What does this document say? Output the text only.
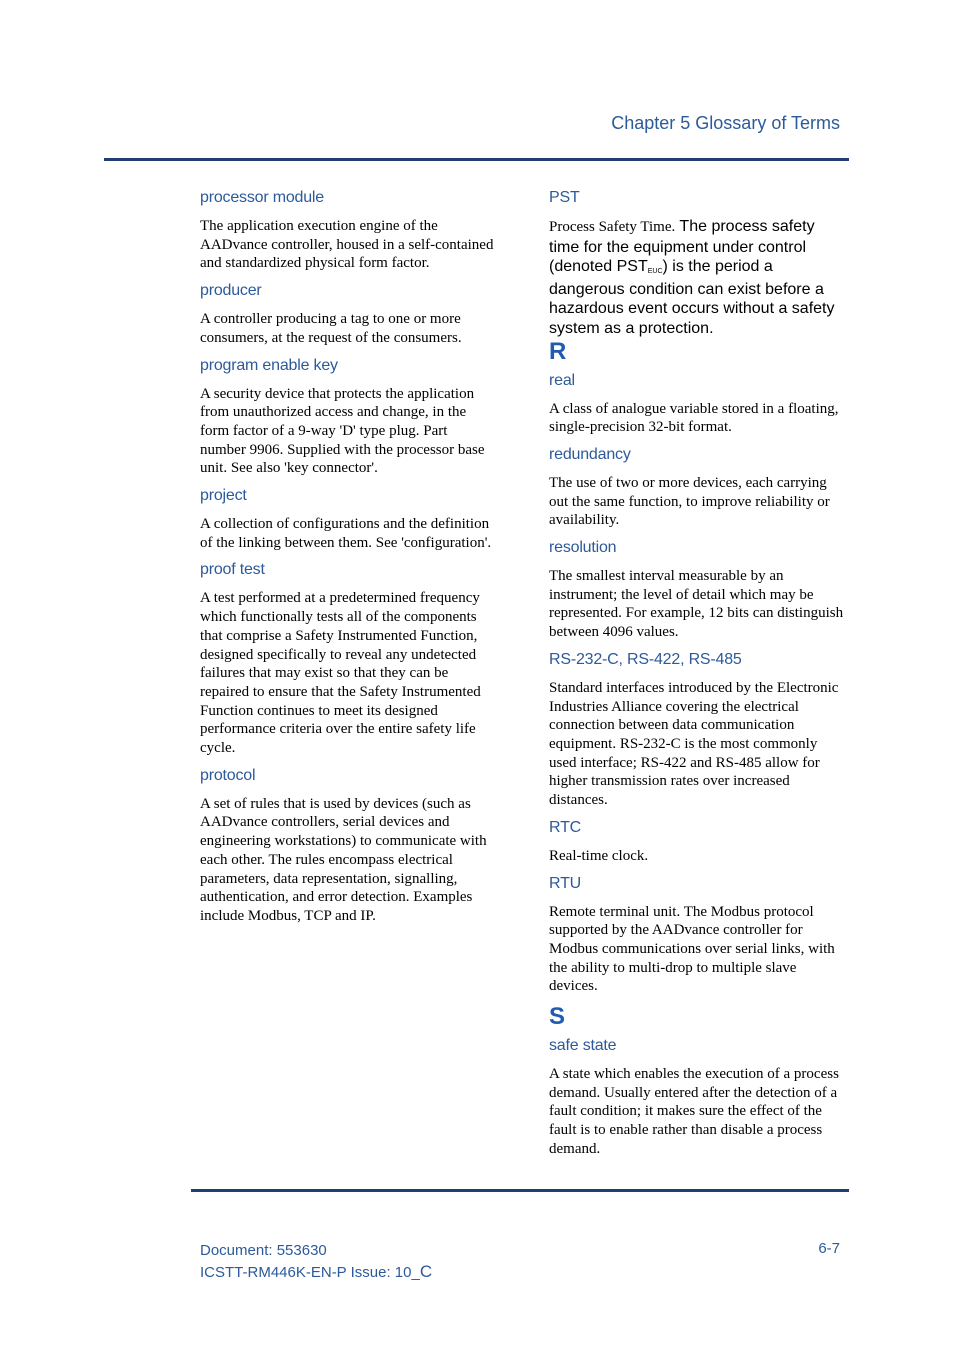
Chapter 5 Glossary of Terms
processor module
The application execution engine of the AADvance controller, housed in a self-contained and standardized physical form factor.
producer
A controller producing a tag to one or more consumers, at the request of the consumers.
program enable key
A security device that protects the application from unauthorized access and change, in the form factor of a 9-way 'D' type plug. Part number 9906. Supplied with the processor base unit. See also 'key connector'.
project
A collection of configurations and the definition of the linking between them. See 'configuration'.
proof test
A test performed at a predetermined frequency which functionally tests all of the components that comprise a Safety Instrumented Function, designed specifically to reveal any undetected failures that may exist so that they can be repaired to ensure that the Safety Instrumented Function continues to meet its designed performance criteria over the entire safety life cycle.
protocol
A set of rules that is used by devices (such as AADvance controllers, serial devices and engineering workstations) to communicate with each other. The rules encompass electrical parameters, data representation, signalling, authentication, and error detection. Examples include Modbus, TCP and IP.
PST
Process Safety Time. The process safety time for the equipment under control (denoted $PST_{EUC}$) is the period a dangerous condition can exist before a hazardous event occurs without a safety system as a protection.
R
real
A class of analogue variable stored in a floating, single-precision 32-bit format.
redundancy
The use of two or more devices, each carrying out the same function, to improve reliability or availability.
resolution
The smallest interval measurable by an instrument; the level of detail which may be represented. For example, 12 bits can distinguish between 4096 values.
RS-232-C, RS-422, RS-485
Standard interfaces introduced by the Electronic Industries Alliance covering the electrical connection between data communication equipment. RS-232-C is the most commonly used interface; RS-422 and RS-485 allow for higher transmission rates over increased distances.
RTC
Real-time clock.
RTU
Remote terminal unit. The Modbus protocol supported by the AADvance controller for Modbus communications over serial links, with the ability to multi-drop to multiple slave devices.
S
safe state
A state which enables the execution of a process demand. Usually entered after the detection of a fault condition; it makes sure the effect of the fault is to enable rather than disable a process demand.
Document: 553630
ICSTT-RM446K-EN-P Issue: 10_C
6-7
